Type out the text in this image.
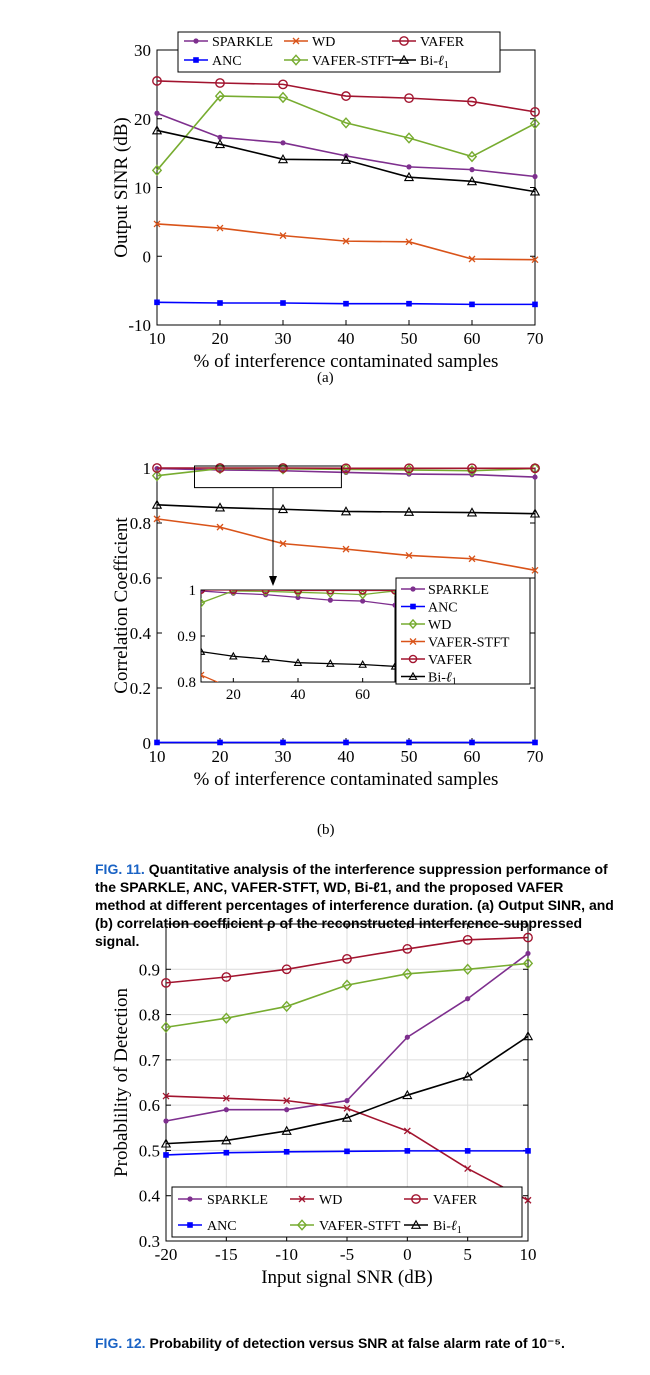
10	20	30	40	50	60	70
-10
0
10
20
30
% of interference contaminated samples
Output SINR (dB)
SPARKLE	WD	VAFER
ANC	VAFER-STFT Bi-ℓ$_1$
10	20	30	40	50	60	70
0
0.2
0.4
0.6
0.8
1
% of interference contaminated samples
Correlation Coefficient
20	40	60
0.8
0.9
1	SPARKLE
ANC
WD
VAFER-STFT
VAFER
Bi-ℓ$_1$
-20 -15 -10 -5	0	5	10
0.3
0.4
0.5
0.6
0.7
0.8
0.9
Input signal SNR (dB)
Probablility of Detection
SPARKLE	WD	VAFER
ANC	VAFER-STFT Bi-ℓ$_1$
(a)
(b)
FIG. 11. Quantitative analysis of the interference suppression performance of the SPARKLE, ANC, VAFER-STFT, WD, Bi-ℓ1, and the proposed VAFER method at different percentages of interference duration. (a) Output SINR, and (b) correlation coefficient ρ of the reconstructed interference-suppressed signal.
FIG. 12. Probability of detection versus SNR at false alarm rate of 10⁻⁵.
